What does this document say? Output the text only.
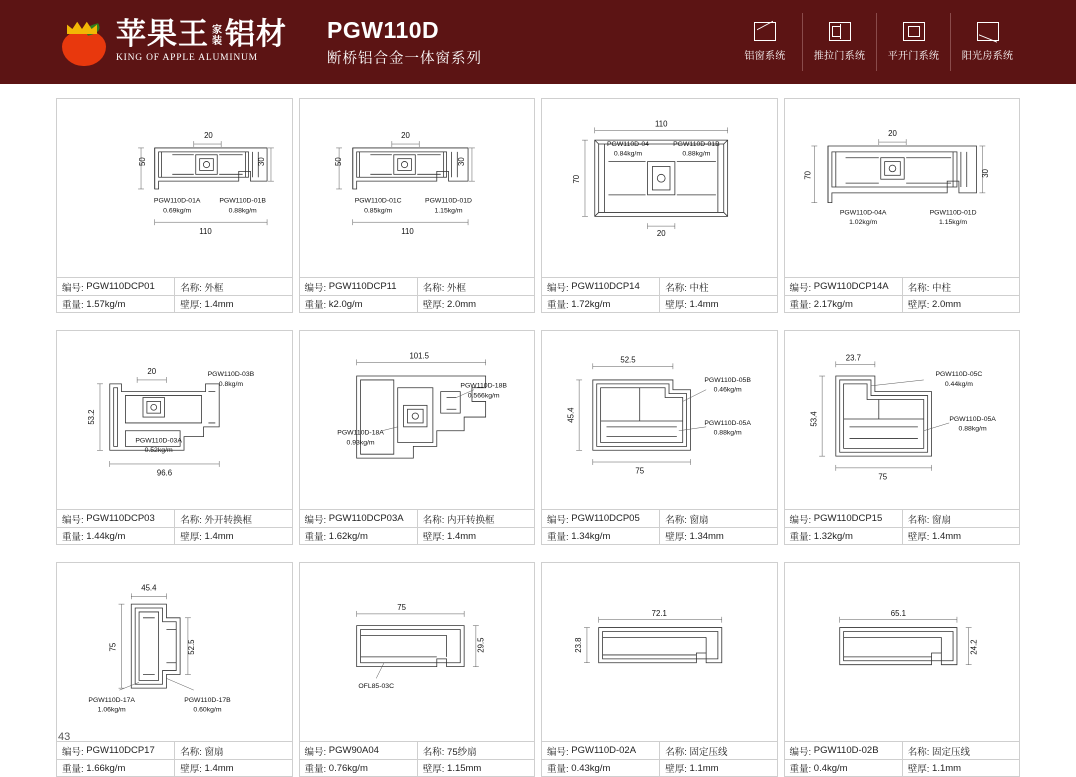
苹果王 家
装 铝材
KING OF APPLE ALUMINUM
PGW110D
断桥铝合金一体窗系列	铝窗系统	推拉门系统 平开门系统 阳光房系统
50
20
30
110
PGW110D-01A
0.69kg/m
PGW110D-01B
0.88kg/m
编号:
PGW110DCP01	名称:
外框
重量:
1.57kg/m	壁厚:
1.4mm
50
20
30
110
PGW110D-01C
0.85kg/m
PGW110D-01D
1.15kg/m
编号:
PGW110DCP11	名称:
外框
重量:
k2.0g/m	壁厚:
2.0mm
110
70
20
PGW110D-04
0.84kg/m
PGW110D-01B
0.88kg/m
编号:
PGW110DCP14	名称:
中柱
重量:
1.72kg/m	壁厚:
1.4mm
70
20
30
PGW110D-04A
1.02kg/m
PGW110D-01D
1.15kg/m
编号:
PGW110DCP14A 名称:
中柱
重量:
2.17kg/m	壁厚:
2.0mm
53.2
20
96.6
PGW110D-03B
0.8kg/m
PGW110D-03A
0.52kg/m
编号:
PGW110DCP03	名称:
外开转换框
重量:
1.44kg/m	壁厚:
1.4mm
101.5
PGW110D-18B
0.566kg/m
PGW110D-18A
0.93kg/m
编号:
PGW110DCP03A 名称:
内开转换框
重量:
1.62kg/m	壁厚:
1.4mm
52.5
45.4
75
PGW110D-05B
0.46kg/m
PGW110D-05A
0.88kg/m
编号:
PGW110DCP05	名称:
窗扇
重量:
1.34kg/m	壁厚:
1.34mm
23.7
53.4
75
PGW110D-05C
0.44kg/m
PGW110D-05A
0.88kg/m
编号:
PGW110DCP15	名称:
窗扇
重量:
1.32kg/m	壁厚:
1.4mm
45.4
75	52.5
PGW110D-17A
1.06kg/m
PGW110D-17B
0.60kg/m
编号:
PGW110DCP17	名称:
窗扇
重量:
1.66kg/m	壁厚:
1.4mm
75
29.5
OFL85-03C
编号:
PGW90A04	名称:
75纱扇
重量:
0.76kg/m	壁厚:
1.15mm
72.1
23.8
编号:
PGW110D-02A	名称:
固定压线
重量:
0.43kg/m	壁厚:
1.1mm
65.1
24.2
编号:
PGW110D-02B	名称:
固定压线
重量:
0.4kg/m	壁厚:
1.1mm
43
